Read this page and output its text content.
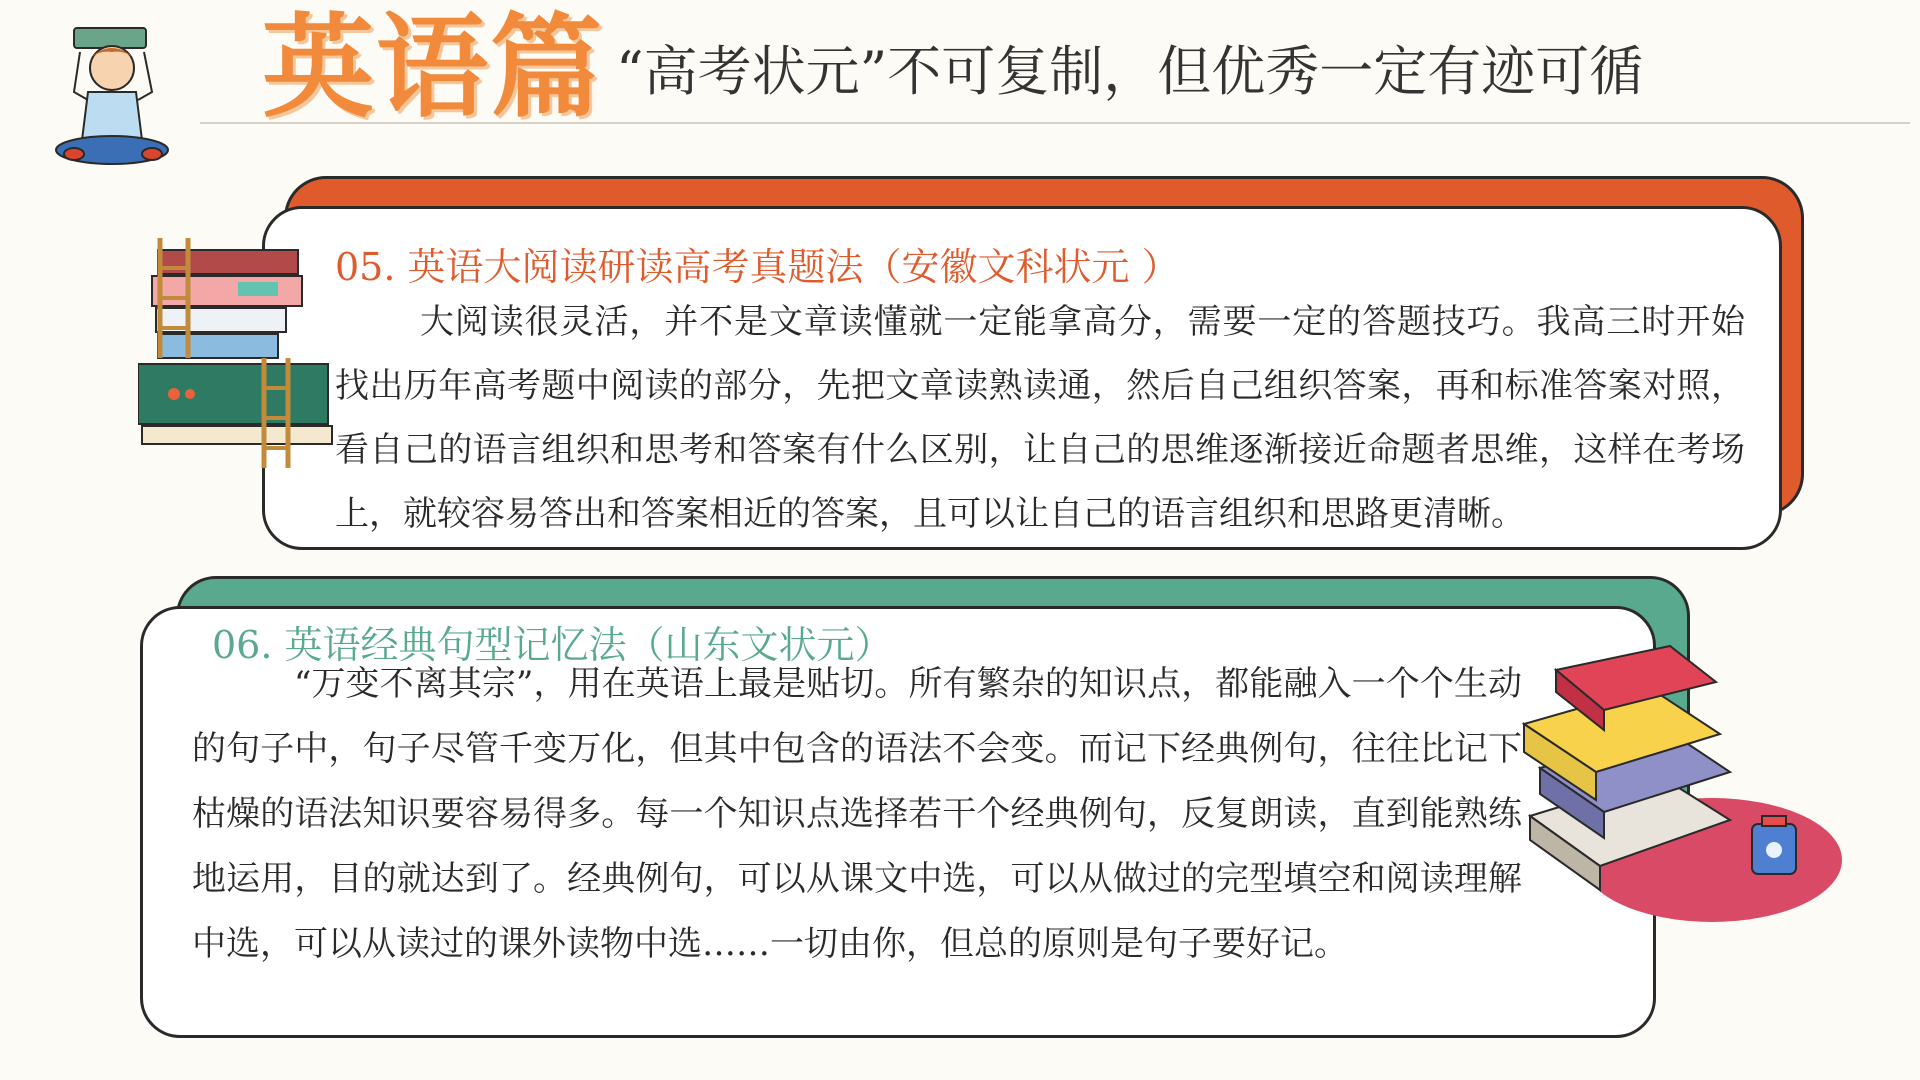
英语篇 “高考状元”不可复制，但优秀一定有迹可循
05. 英语大阅读研读高考真题法（安徽文科状元 ）
大阅读很灵活，并不是文章读懂就一定能拿高分，需要一定的答题技巧。我高三时开始找出历年高考题中阅读的部分，先把文章读熟读通，然后自己组织答案，再和标准答案对照，看自己的语言组织和思考和答案有什么区别，让自己的思维逐渐接近命题者思维，这样在考场上，就较容易答出和答案相近的答案，且可以让自己的语言组织和思路更清晰。
06. 英语经典句型记忆法（山东文状元）
“万变不离其宗”，用在英语上最是贴切。所有繁杂的知识点，都能融入一个个生动的句子中，句子尽管千变万化，但其中包含的语法不会变。而记下经典例句，往往比记下枯燥的语法知识要容易得多。每一个知识点选择若干个经典例句，反复朗读，直到能熟练地运用，目的就达到了。经典例句，可以从课文中选，可以从做过的完型填空和阅读理解中选，可以从读过的课外读物中选……一切由你，但总的原则是句子要好记。
